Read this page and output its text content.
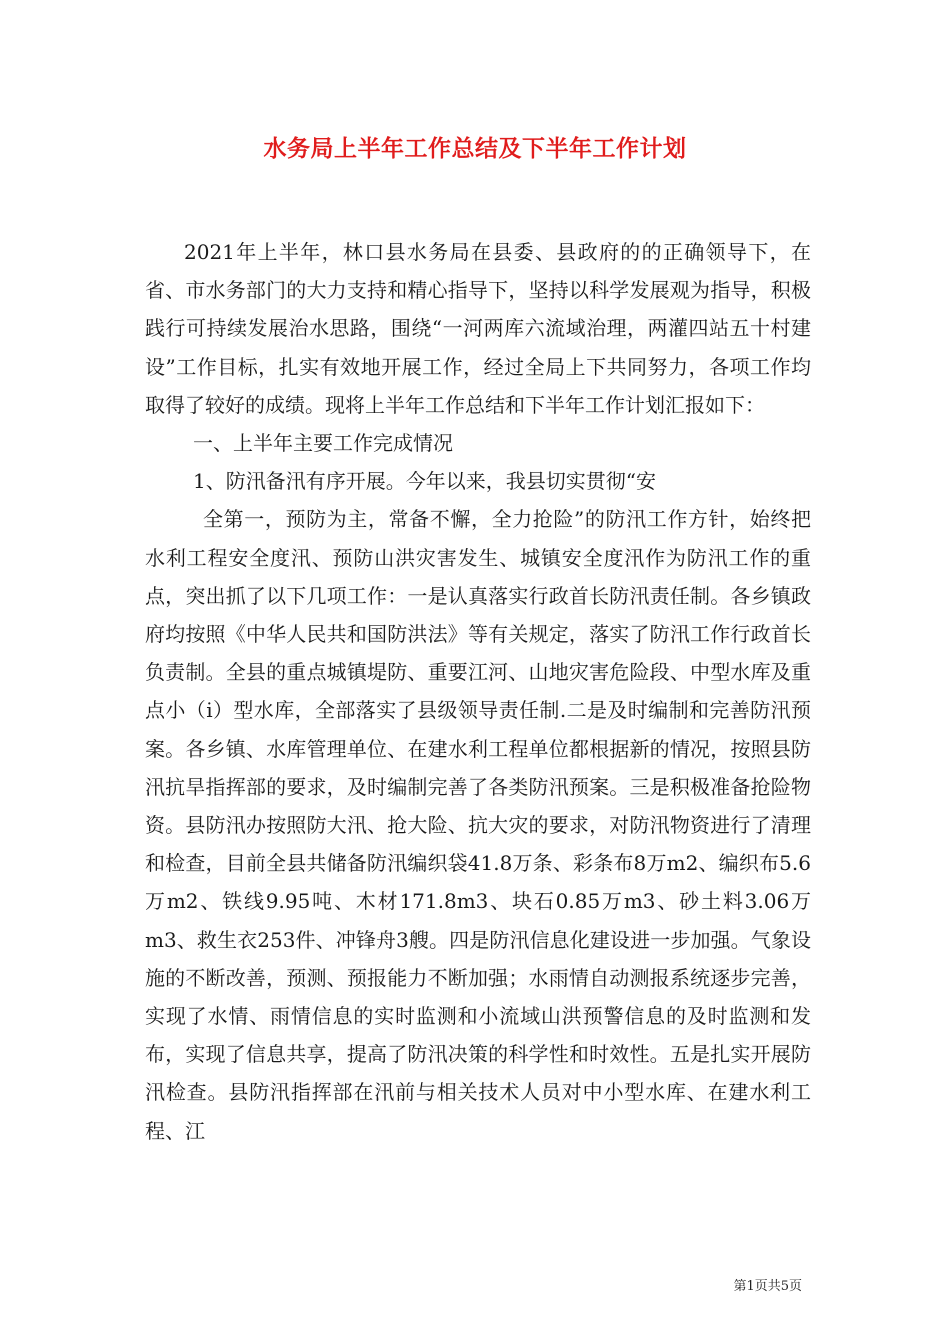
水务局上半年工作总结及下半年工作计划

2021年上半年，林口县水务局在县委、县政府的的正确领导下，在省、市水务部门的大力支持和精心指导下，坚持以科学发展观为指导，积极践行可持续发展治水思路，围绕“一河两库六流域治理，两灌四站五十村建设”工作目标，扎实有效地开展工作，经过全局上下共同努力，各项工作均取得了较好的成绩。现将上半年工作总结和下半年工作计划汇报如下：

一、上半年主要工作完成情况

1、防汛备汛有序开展。今年以来，我县切实贯彻“安

全第一，预防为主，常备不懈，全力抢险”的防汛工作方针，始终把水利工程安全度汛、预防山洪灾害发生、城镇安全度汛作为防汛工作的重点，突出抓了以下几项工作：一是认真落实行政首长防汛责任制。各乡镇政府均按照《中华人民共和国防洪法》等有关规定，落实了防汛工作行政首长负责制。全县的重点城镇堤防、重要江河、山地灾害危险段、中型水库及重点小（i）型水库，全部落实了县级领导责任制.二是及时编制和完善防汛预案。各乡镇、水库管理单位、在建水利工程单位都根据新的情况，按照县防汛抗旱指挥部的要求，及时编制完善了各类防汛预案。三是积极准备抢险物资。县防汛办按照防大汛、抢大险、抗大灾的要求，对防汛物资进行了清理和检查，目前全县共储备防汛编织袋41.8万条、彩条布8万m2、编织布5.6万m2、铁线9.95吨、木材171.8m3、块石0.85万m3、砂土料3.06万m3、救生衣253件、冲锋舟3艘。四是防汛信息化建设进一步加强。气象设施的不断改善，预测、预报能力不断加强；水雨情自动测报系统逐步完善，实现了水情、雨情信息的实时监测和小流域山洪预警信息的及时监测和发布，实现了信息共享，提高了防汛决策的科学性和时效性。五是扎实开展防汛检查。县防汛指挥部在汛前与相关技术人员对中小型水库、在建水利工程、江

第1页共5页
